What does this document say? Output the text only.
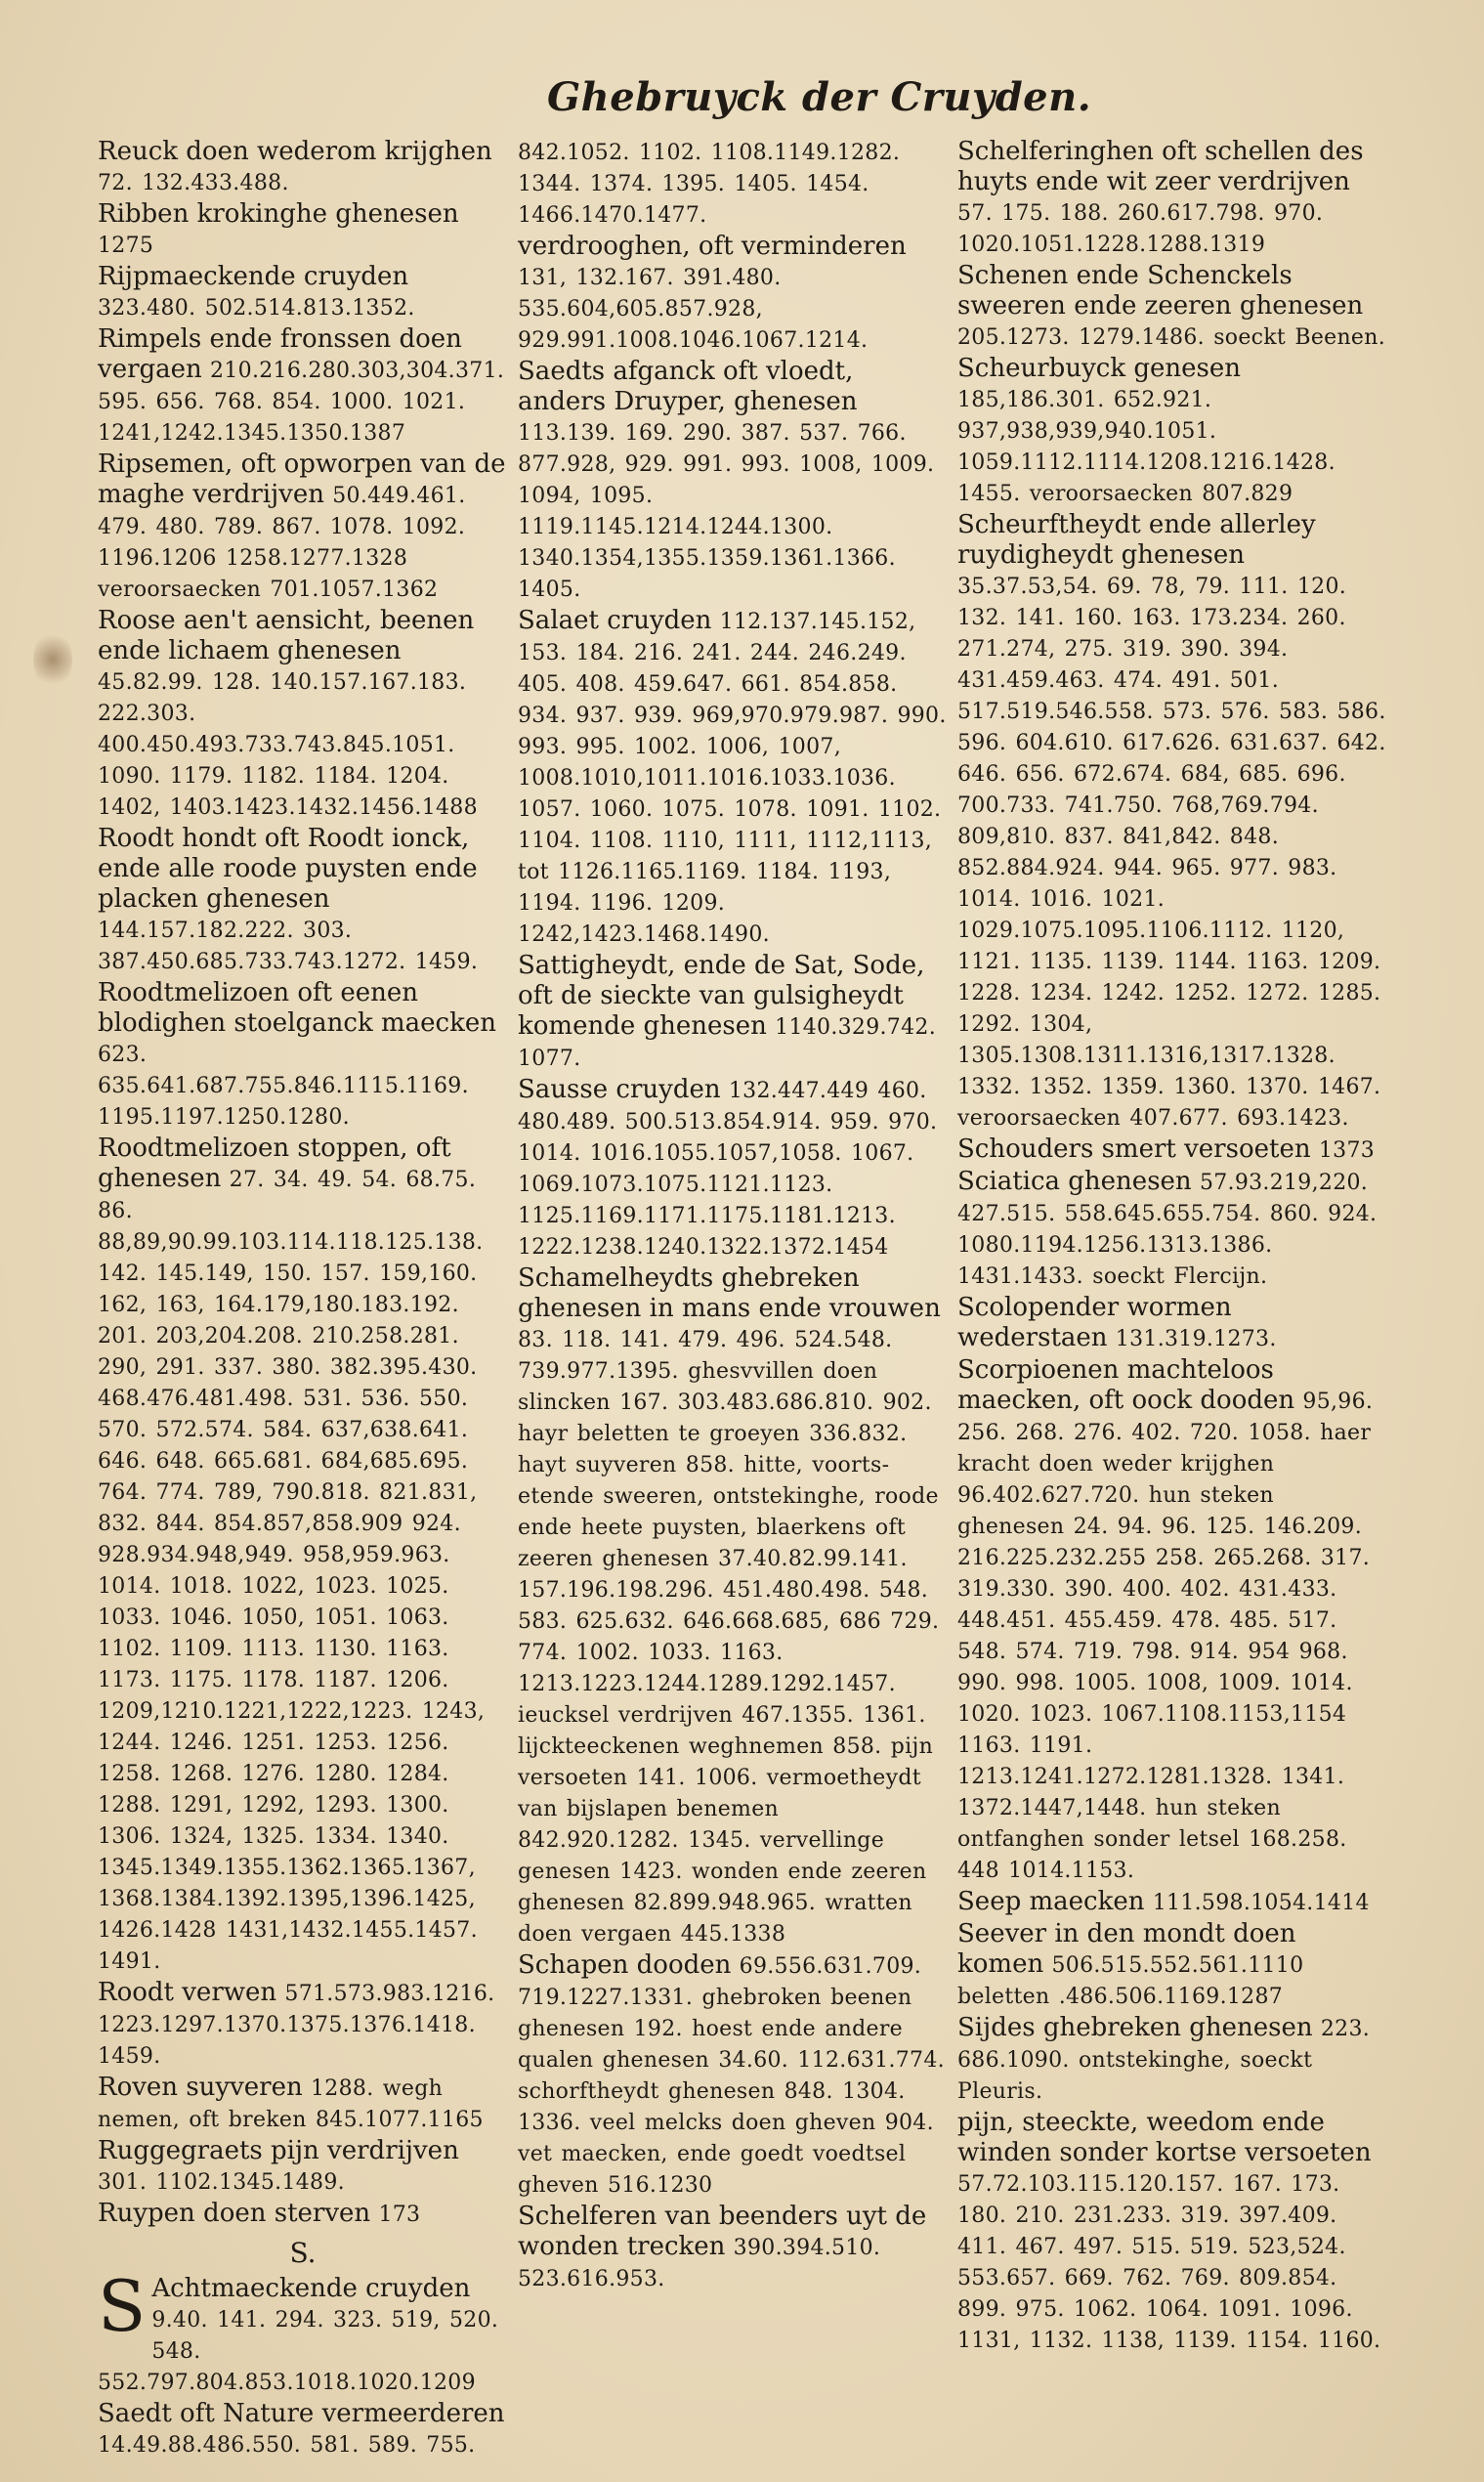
Ghebruyck der Cruyden.
Reuck doen wederom krijghen 72. 132.433.488.
Ribben krokinghe ghenesen 1275
Rijpmaeckende cruyden 323.480. 502.514.813.1352.
Rimpels ende fronssen doen vergaen 210.216.280.303,304.371. 595. 656. 768. 854. 1000. 1021. 1241,1242.1345.1350.1387
Ripsemen, oft opworpen van de maghe verdrijven 50.449.461. 479. 480. 789. 867. 1078. 1092. 1196.1206 1258.1277.1328 veroorsaecken 701.1057.1362
Roose aen't aensicht, beenen ende lichaem ghenesen 45.82.99. 128. 140.157.167.183. 222.303. 400.450.493.733.743.845.1051. 1090. 1179. 1182. 1184. 1204. 1402, 1403.1423.1432.1456.1488
Roodt hondt oft Roodt ionck, ende alle roode puysten ende placken ghenesen 144.157.182.222. 303. 387.450.685.733.743.1272. 1459.
Roodtmelizoen oft eenen blodighen stoelganck maecken 623. 635.641.687.755.846.1115.1169. 1195.1197.1250.1280.
Roodtmelizoen stoppen, oft ghenesen 27. 34. 49. 54. 68.75. 86. 88,89,90.99.103.114.118.125.138. 142. 145.149, 150. 157. 159,160. 162, 163, 164.179,180.183.192. 201. 203,204.208. 210.258.281. 290, 291. 337. 380. 382.395.430. 468.476.481.498. 531. 536. 550. 570. 572.574. 584. 637,638.641. 646. 648. 665.681. 684,685.695. 764. 774. 789, 790.818. 821.831, 832. 844. 854.857,858.909 924. 928.934.948,949. 958,959.963. 1014. 1018. 1022, 1023. 1025. 1033. 1046. 1050, 1051. 1063. 1102. 1109. 1113. 1130. 1163. 1173. 1175. 1178. 1187. 1206. 1209,1210.1221,1222,1223. 1243, 1244. 1246. 1251. 1253. 1256. 1258. 1268. 1276. 1280. 1284. 1288. 1291, 1292, 1293. 1300. 1306. 1324, 1325. 1334. 1340. 1345.1349.1355.1362.1365.1367, 1368.1384.1392.1395,1396.1425, 1426.1428 1431,1432.1455.1457. 1491.
Roodt verwen 571.573.983.1216. 1223.1297.1370.1375.1376.1418. 1459.
Roven suyveren 1288. wegh nemen, oft breken 845.1077.1165
Ruggegraets pijn verdrijven 301. 1102.1345.1489.
Ruypen doen sterven 173
S.
S Achtmaeckende cruyden 9.40. 141. 294. 323. 519, 520. 548. 552.797.804.853.1018.1020.1209
Saedt oft Nature vermeerderen 14.49.88.486.550. 581. 589. 755.
842.1052. 1102. 1108.1149.1282. 1344. 1374. 1395. 1405. 1454. 1466.1470.1477.
verdrooghen, oft verminderen 131, 132.167. 391.480. 535.604,605.857.928, 929.991.1008.1046.1067.1214.
Saedts afganck oft vloedt, anders Druyper, ghenesen 113.139. 169. 290. 387. 537. 766. 877.928, 929. 991. 993. 1008, 1009. 1094, 1095. 1119.1145.1214.1244.1300. 1340.1354,1355.1359.1361.1366. 1405.
Salaet cruyden 112.137.145.152, 153. 184. 216. 241. 244. 246.249. 405. 408. 459.647. 661. 854.858. 934. 937. 939. 969,970.979.987. 990. 993. 995. 1002. 1006, 1007, 1008.1010,1011.1016.1033.1036. 1057. 1060. 1075. 1078. 1091. 1102. 1104. 1108. 1110, 1111, 1112,1113, tot 1126.1165.1169. 1184. 1193, 1194. 1196. 1209. 1242,1423.1468.1490.
Sattigheydt, ende de Sat, Sode, oft de sieckte van gulsigheydt komende ghenesen 1140.329.742. 1077.
Sausse cruyden 132.447.449 460. 480.489. 500.513.854.914. 959. 970. 1014. 1016.1055.1057,1058. 1067. 1069.1073.1075.1121.1123. 1125.1169.1171.1175.1181.1213. 1222.1238.1240.1322.1372.1454
Schamelheydts ghebreken ghenesen in mans ende vrouwen 83. 118. 141. 479. 496. 524.548. 739.977.1395. ghesvvillen doen slincken 167. 303.483.686.810. 902. hayr beletten te groeyen 336.832. hayt suyveren 858. hitte, voorts-etende sweeren, ontstekinghe, roode ende heete puysten, blaerkens oft zeeren ghenesen 37.40.82.99.141. 157.196.198.296. 451.480.498. 548. 583. 625.632. 646.668.685, 686 729. 774. 1002. 1033. 1163. 1213.1223.1244.1289.1292.1457. ieucksel verdrijven 467.1355. 1361. lijckteeckenen weghnemen 858. pijn versoeten 141. 1006. vermoetheydt van bijslapen benemen 842.920.1282. 1345. vervellinge genesen 1423. wonden ende zeeren ghenesen 82.899.948.965. wratten doen vergaen 445.1338
Schapen dooden 69.556.631.709. 719.1227.1331. ghebroken beenen ghenesen 192. hoest ende andere qualen ghenesen 34.60. 112.631.774. schorftheydt ghenesen 848. 1304. 1336. veel melcks doen gheven 904. vet maecken, ende goedt voedtsel gheven 516.1230
Schelferen van beenders uyt de wonden trecken 390.394.510. 523.616.953.
Schelferinghen oft schellen des huyts ende wit zeer verdrijven 57. 175. 188. 260.617.798. 970. 1020.1051.1228.1288.1319
Schenen ende Schenckels sweeren ende zeeren ghenesen 205.1273. 1279.1486. soeckt Beenen.
Scheurbuyck genesen 185,186.301. 652.921. 937,938,939,940.1051. 1059.1112.1114.1208.1216.1428. 1455. veroorsaecken 807.829
Scheurftheydt ende allerley ruydigheydt ghenesen 35.37.53,54. 69. 78, 79. 111. 120. 132. 141. 160. 163. 173.234. 260. 271.274, 275. 319. 390. 394. 431.459.463. 474. 491. 501. 517.519.546.558. 573. 576. 583. 586. 596. 604.610. 617.626. 631.637. 642. 646. 656. 672.674. 684, 685. 696. 700.733. 741.750. 768,769.794. 809,810. 837. 841,842. 848. 852.884.924. 944. 965. 977. 983. 1014. 1016. 1021. 1029.1075.1095.1106.1112. 1120, 1121. 1135. 1139. 1144. 1163. 1209. 1228. 1234. 1242. 1252. 1272. 1285. 1292. 1304, 1305.1308.1311.1316,1317.1328. 1332. 1352. 1359. 1360. 1370. 1467. veroorsaecken 407.677. 693.1423.
Schouders smert versoeten 1373
Sciatica ghenesen 57.93.219,220. 427.515. 558.645.655.754. 860. 924. 1080.1194.1256.1313.1386. 1431.1433. soeckt Flercijn.
Scolopender wormen wederstaen 131.319.1273.
Scorpioenen machteloos maecken, oft oock dooden 95,96. 256. 268. 276. 402. 720. 1058. haer kracht doen weder krijghen 96.402.627.720. hun steken ghenesen 24. 94. 96. 125. 146.209. 216.225.232.255 258. 265.268. 317. 319.330. 390. 400. 402. 431.433. 448.451. 455.459. 478. 485. 517. 548. 574. 719. 798. 914. 954 968. 990. 998. 1005. 1008, 1009. 1014. 1020. 1023. 1067.1108.1153,1154 1163. 1191. 1213.1241.1272.1281.1328. 1341. 1372.1447,1448. hun steken ontfanghen sonder letsel 168.258. 448 1014.1153.
Seep maecken 111.598.1054.1414
Seever in den mondt doen komen 506.515.552.561.1110 beletten .486.506.1169.1287
Sijdes ghebreken ghenesen 223. 686.1090. ontstekinghe, soeckt Pleuris.
pijn, steeckte, weedom ende winden sonder kortse versoeten 57.72.103.115.120.157. 167. 173. 180. 210. 231.233. 319. 397.409. 411. 467. 497. 515. 519. 523,524. 553.657. 669. 762. 769. 809.854. 899. 975. 1062. 1064. 1091. 1096. 1131, 1132. 1138, 1139. 1154. 1160.
